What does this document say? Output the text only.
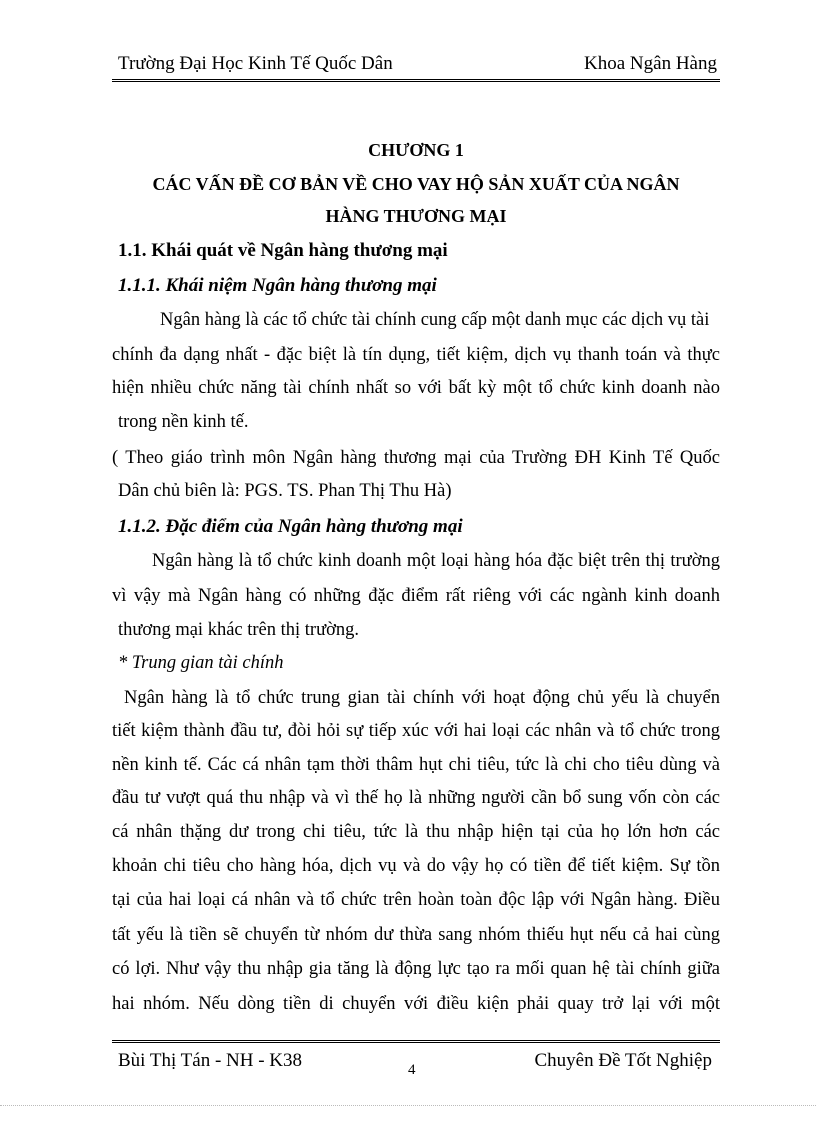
Trường Đại Học Kinh Tế Quốc Dân	Khoa Ngân Hàng
CHƯƠNG 1
CÁC VẤN ĐỀ CƠ BẢN VỀ CHO VAY HỘ SẢN XUẤT CỦA NGÂN
HÀNG THƯƠNG MẠI
1.1. Khái quát về Ngân hàng thương mại
1.1.1. Khái niệm Ngân hàng thương mại
Ngân hàng là các tổ chức tài chính cung cấp một danh mục các dịch vụ tài
chính đa dạng nhất - đặc biệt là tín dụng, tiết kiệm, dịch vụ thanh toán và thực
hiện nhiều chức năng tài chính nhất so với bất kỳ một tổ chức kinh doanh nào
trong nền kinh tế.
( Theo giáo trình môn Ngân hàng thương mại của Trường ĐH Kinh Tế Quốc
Dân chủ biên là: PGS. TS. Phan Thị Thu Hà)
1.1.2. Đặc điểm của Ngân hàng thương mại
Ngân hàng là tổ chức kinh doanh một loại hàng hóa đặc biệt trên thị trường
vì vậy mà Ngân hàng có những đặc điểm rất riêng với các ngành kinh doanh
thương mại khác trên thị trường.
* Trung gian tài chính
Ngân hàng là tổ chức trung gian tài chính với hoạt động chủ yếu là chuyển
tiết kiệm thành đầu tư, đòi hỏi sự tiếp xúc với hai loại các nhân và tổ chức trong
nền kinh tế. Các cá nhân tạm thời thâm hụt chi tiêu, tức là chi cho tiêu dùng và
đầu tư vượt quá thu nhập và vì thế họ là những người cần bổ sung vốn còn các
cá nhân thặng dư trong chi tiêu, tức là thu nhập hiện tại của họ lớn hơn các
khoản chi tiêu cho hàng hóa, dịch vụ và do vậy họ có tiền để tiết kiệm. Sự tồn
tại của hai loại cá nhân và tổ chức trên hoàn toàn độc lập với Ngân hàng. Điều
tất yếu là tiền sẽ chuyển từ nhóm dư thừa sang nhóm thiếu hụt nếu cả hai cùng
có lợi. Như vậy thu nhập gia tăng là động lực tạo ra mối quan hệ tài chính giữa
hai nhóm. Nếu dòng tiền di chuyển với điều kiện phải quay trở lại với một
Bùi Thị Tán - NH - K38	4	Chuyên Đề Tốt Nghiệp
